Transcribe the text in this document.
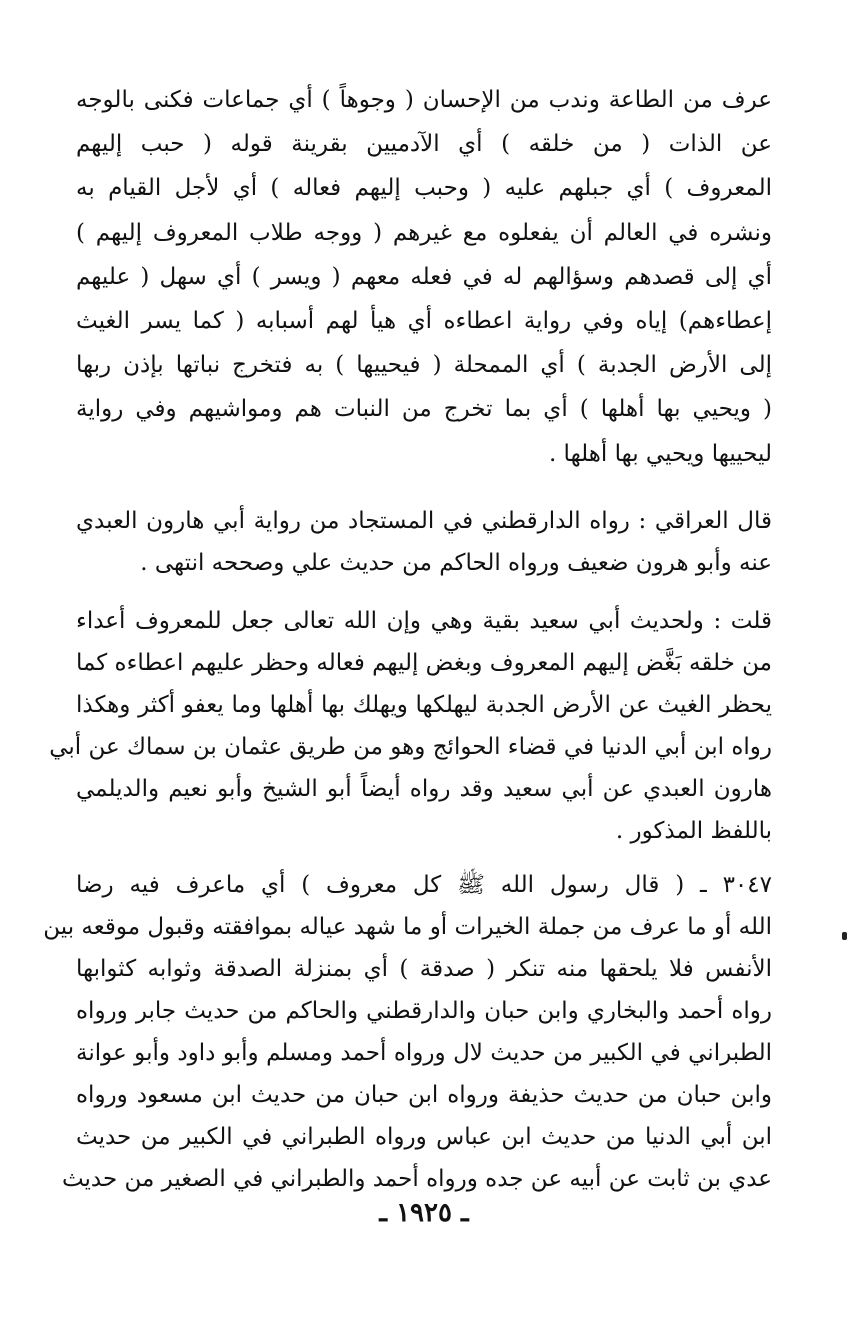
عرف من الطاعة وندب من الإحسان ( وجوهاً ) أي جماعات فكنى بالوجه
عن الذات ( من خلقه ) أي الآدميين بقرينة قوله ( حبب إليهم
المعروف ) أي جبلهم عليه ( وحبب إليهم فعاله ) أي لأجل القيام به
ونشره في العالم أن يفعلوه مع غيرهم ( ووجه طلاب المعروف إليهم )
أي إلى قصدهم وسؤالهم له في فعله معهم ( ويسر ) أي سهل ( عليهم
إعطاءهم) إياه وفي رواية اعطاءه أي هيأ لهم أسبابه ( كما يسر الغيث
إلى الأرض الجدبة ) أي الممحلة ( فيحييها ) به فتخرج نباتها بإذن ربها
( ويحيي بها أهلها ) أي بما تخرج من النبات هم ومواشيهم وفي رواية
ليحييها ويحيي بها أهلها .
قال العراقي : رواه الدارقطني في المستجاد من رواية أبي هارون العبدي
عنه وأبو هرون ضعيف ورواه الحاكم من حديث علي وصححه انتهى .
قلت : ولحديث أبي سعيد بقية وهي وإن الله تعالى جعل للمعروف أعداء
من خلقه بَغَّض إليهم المعروف وبغض إليهم فعاله وحظر عليهم اعطاءه كما
يحظر الغيث عن الأرض الجدبة ليهلكها ويهلك بها أهلها وما يعفو أكثر وهكذا
رواه ابن أبي الدنيا في قضاء الحوائج وهو من طريق عثمان بن سماك عن أبي
هارون العبدي عن أبي سعيد وقد رواه أيضاً أبو الشيخ وأبو نعيم والديلمي
باللفظ المذكور .
٣٠٤٧ ـ ( قال رسول الله ﷺ كل معروف ) أي ماعرف فيه رضا
الله أو ما عرف من جملة الخيرات أو ما شهد عياله بموافقته وقبول موقعه بين
الأنفس فلا يلحقها منه تنكر ( صدقة ) أي بمنزلة الصدقة وثوابه كثوابها
رواه أحمد والبخاري وابن حبان والدارقطني والحاكم من حديث جابر ورواه
الطبراني في الكبير من حديث لال ورواه أحمد ومسلم وأبو داود وأبو عوانة
وابن حبان من حديث حذيفة ورواه ابن حبان من حديث ابن مسعود ورواه
ابن أبي الدنيا من حديث ابن عباس ورواه الطبراني في الكبير من حديث
عدي بن ثابت عن أبيه عن جده ورواه أحمد والطبراني في الصغير من حديث
ـ ١٩٢٥ ـ
